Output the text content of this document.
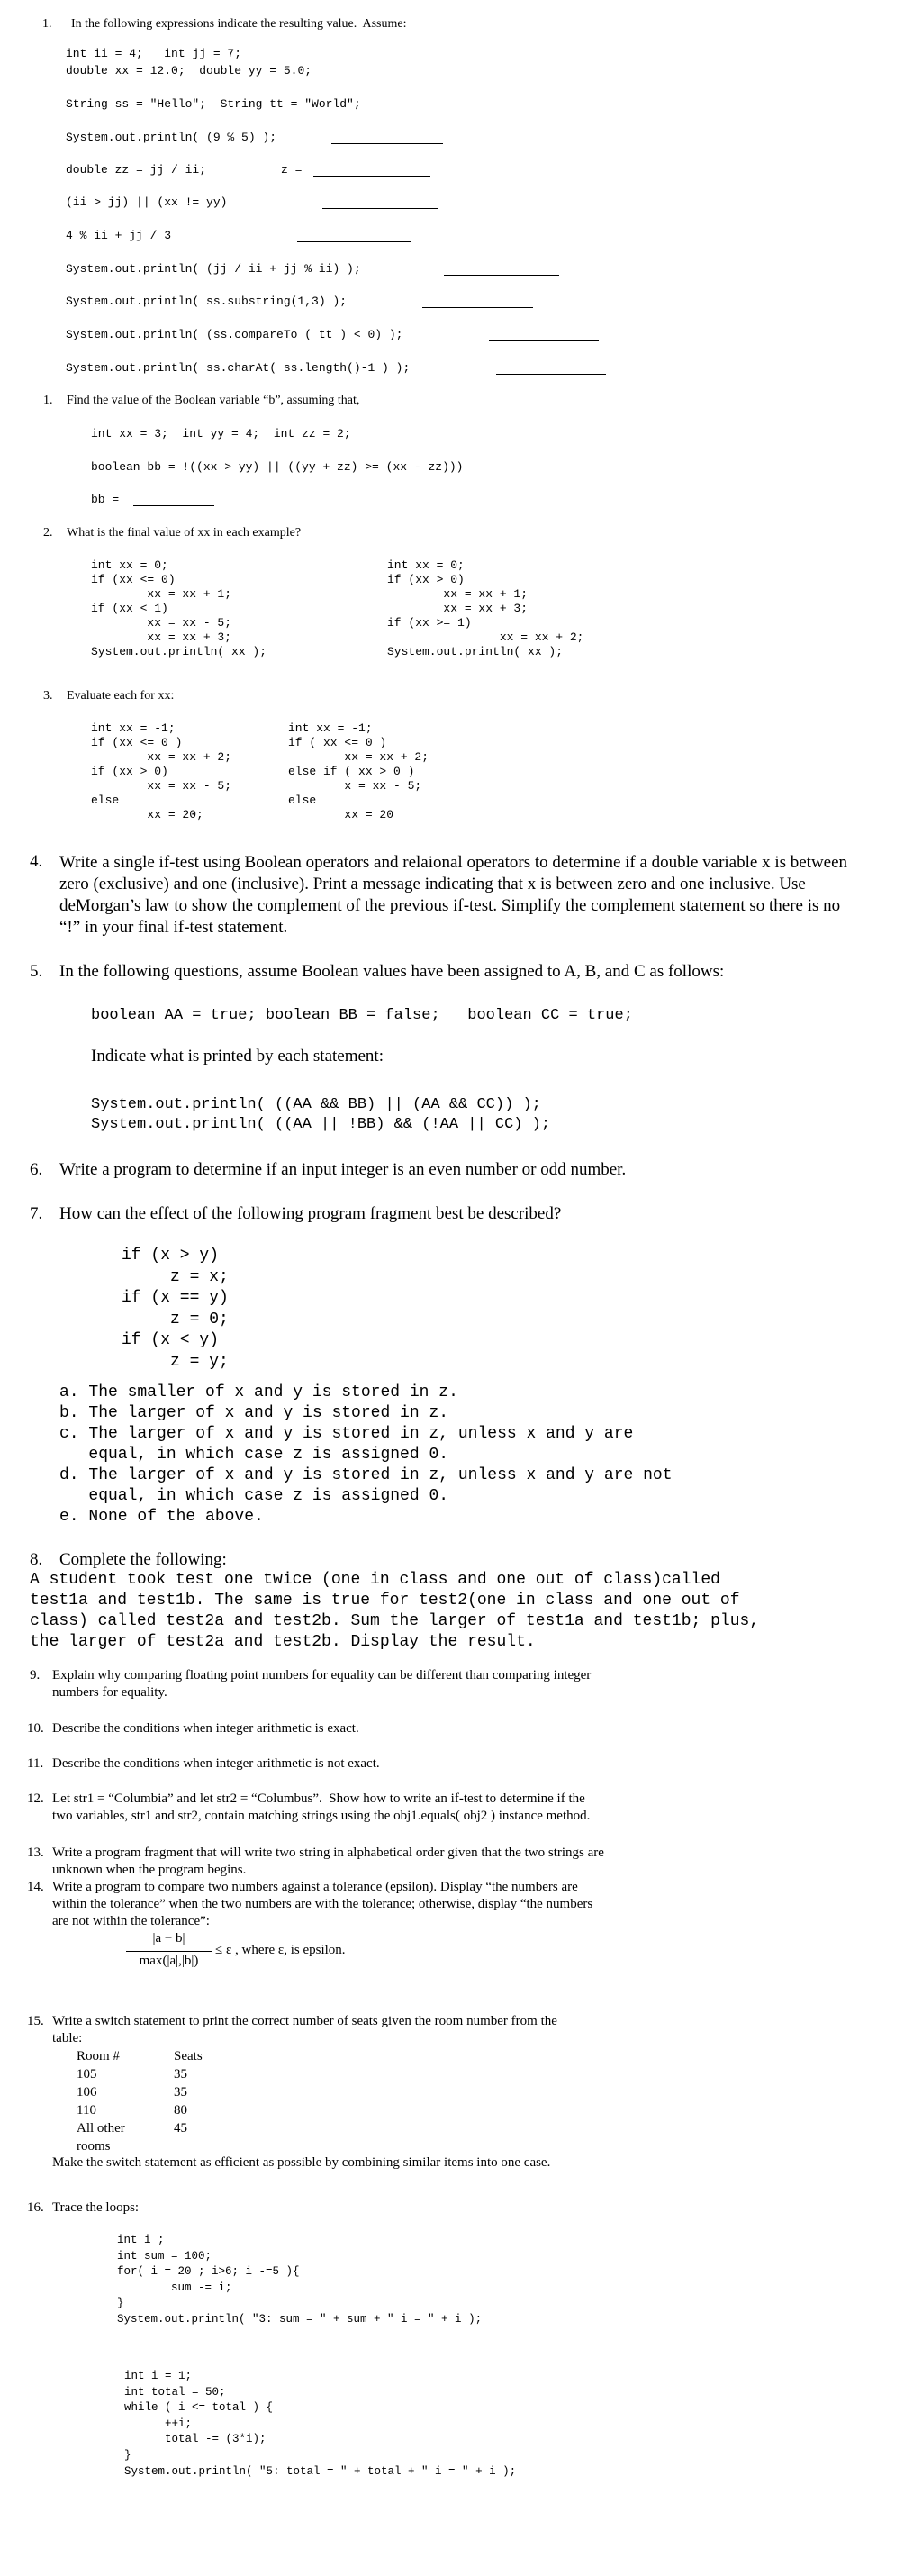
1. In the following expressions indicate the resulting value.  Assume:
int ii = 4;   int jj = 7;
double xx = 12.0;  double yy = 5.0;
String ss = "Hello";  String tt = "World";
System.out.println( (9 % 5) );
double zz = jj / ii;	z =
(ii > jj) || (xx != yy)
4 % ii + jj / 3
System.out.println( (jj / ii + jj % ii) );
System.out.println( ss.substring(1,3) );
System.out.println( (ss.compareTo ( tt ) < 0) );
System.out.println( ss.charAt( ss.length()-1 ) );
1. Find the value of the Boolean variable “b”, assuming that,
int xx = 3;  int yy = 4;  int zz = 2;
boolean bb = !((xx > yy) || ((yy + zz) >= (xx - zz)))
bb =
2. What is the final value of xx in each example?
int xx = 0;
if (xx <= 0)
xx = xx + 1;
if (xx < 1)
xx = xx - 5;
xx = xx + 3;
System.out.println( xx );
int xx = 0;
if (xx > 0)
xx = xx + 1;
xx = xx + 3;
if (xx >= 1)
xx = xx + 2;
System.out.println( xx );
3. Evaluate each for xx:
int xx = -1;
if (xx <= 0 )
xx = xx + 2;
if (xx > 0)
xx = xx - 5;
else
xx = 20;
int xx = -1;
if ( xx <= 0 )
xx = xx + 2;
else if ( xx > 0 )
x = xx - 5;
else
xx = 20
4. Write a single if-test using Boolean operators and relaional operators to determine if a double variable x is between zero (exclusive) and one (inclusive). Print a message indicating that x is between zero and one inclusive. Use deMorgan’s law to show the complement of the previous if-test. Simplify the complement statement so there is no “!” in your final if-test statement.
5. In the following questions, assume Boolean values have been assigned to A, B, and C as follows:
boolean AA = true; boolean BB = false;   boolean CC = true;
Indicate what is printed by each statement:
System.out.println( ((AA && BB) || (AA && CC)) );
System.out.println( ((AA || !BB) && (!AA || CC) );
6. Write a program to determine if an input integer is an even number or odd number.
7. How can the effect of the following program fragment best be described?
if (x > y)
z = x;
if (x == y)
z = 0;
if (x < y)
z = y;
a. The smaller of x and y is stored in z.
b. The larger of x and y is stored in z.
c. The larger of x and y is stored in z, unless x and y are
equal, in which case z is assigned 0.
d. The larger of x and y is stored in z, unless x and y are not
equal, in which case z is assigned 0.
e. None of the above.
8. Complete the following:
A student took test one twice (one in class and one out of class)called
test1a and test1b. The same is true for test2(one in class and one out of
class) called test2a and test2b. Sum the larger of test1a and test1b; plus,
the larger of test2a and test2b. Display the result.
9. Explain why comparing floating point numbers for equality can be different than comparing integer
numbers for equality.
10. Describe the conditions when integer arithmetic is exact.
11. Describe the conditions when integer arithmetic is not exact.
12. Let str1 = “Columbia” and let str2 = “Columbus”.  Show how to write an if-test to determine if the
two variables, str1 and str2, contain matching strings using the obj1.equals( obj2 ) instance method.
13. Write a program fragment that will write two string in alphabetical order given that the two strings are
unknown when the program begins.
14. Write a program to compare two numbers against a tolerance (epsilon). Display “the numbers are
within the tolerance” when the two numbers are with the tolerance; otherwise, display “the numbers
are not within the tolerance”:
|a − b|
max(|a|,|b|)
≤ ε , where ε, is epsilon.
15. Write a switch statement to print the correct number of seats given the room number from the
table:
Room #	Seats
105	35
106	35
110	80
All other	45
rooms
Make the switch statement as efficient as possible by combining similar items into one case.
16. Trace the loops:
int i ;
int sum = 100;
for( i = 20 ; i>6; i -=5 ){
sum -= i;
}
System.out.println( "3: sum = " + sum + " i = " + i );
int i = 1;
int total = 50;
while ( i <= total ) {
++i;
total -= (3*i);
}
System.out.println( "5: total = " + total + " i = " + i );
